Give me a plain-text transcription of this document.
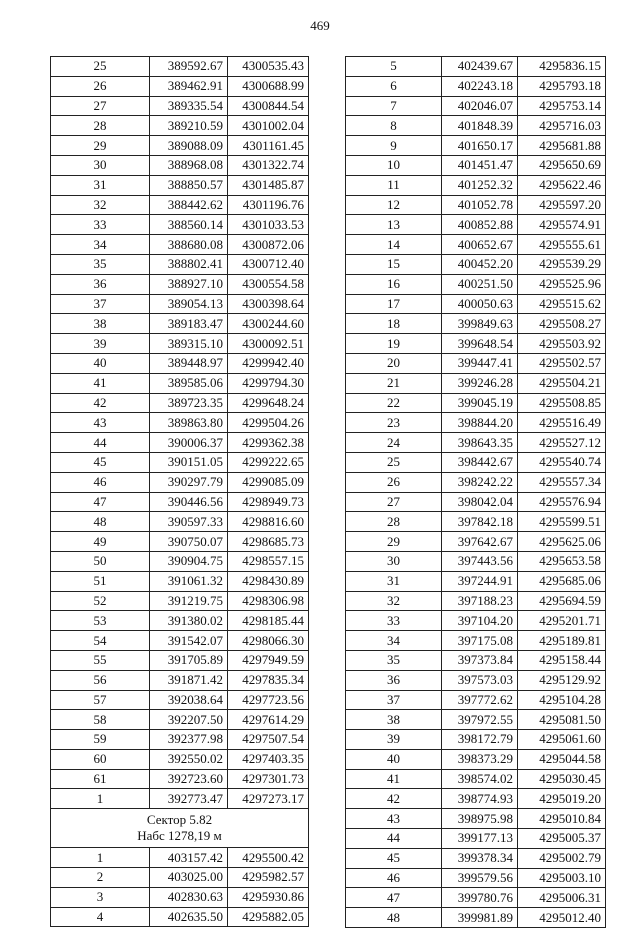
469
25	389592.67	4300535.43
26	389462.91	4300688.99
27	389335.54	4300844.54
28	389210.59	4301002.04
29	389088.09	4301161.45
30	388968.08	4301322.74
31	388850.57	4301485.87
32	388442.62	4301196.76
33	388560.14	4301033.53
34	388680.08	4300872.06
35	388802.41	4300712.40
36	388927.10	4300554.58
37	389054.13	4300398.64
38	389183.47	4300244.60
39	389315.10	4300092.51
40	389448.97	4299942.40
41	389585.06	4299794.30
42	389723.35	4299648.24
43	389863.80	4299504.26
44	390006.37	4299362.38
45	390151.05	4299222.65
46	390297.79	4299085.09
47	390446.56	4298949.73
48	390597.33	4298816.60
49	390750.07	4298685.73
50	390904.75	4298557.15
51	391061.32	4298430.89
52	391219.75	4298306.98
53	391380.02	4298185.44
54	391542.07	4298066.30
55	391705.89	4297949.59
56	391871.42	4297835.34
57	392038.64	4297723.56
58	392207.50	4297614.29
59	392377.98	4297507.54
60	392550.02	4297403.35
61	392723.60	4297301.73
1	392773.47	4297273.17

Сектор 5.82
Набс 1278,19 м		

1	403157.42	4295500.42
2	403025.00	4295982.57
3	402830.63	4295930.86
4	402635.50	4295882.05
5	402439.67	4295836.15
6	402243.18	4295793.18
7	402046.07	4295753.14
8	401848.39	4295716.03
9	401650.17	4295681.88
10	401451.47	4295650.69
11	401252.32	4295622.46
12	401052.78	4295597.20
13	400852.88	4295574.91
14	400652.67	4295555.61
15	400452.20	4295539.29
16	400251.50	4295525.96
17	400050.63	4295515.62
18	399849.63	4295508.27
19	399648.54	4295503.92
20	399447.41	4295502.57
21	399246.28	4295504.21
22	399045.19	4295508.85
23	398844.20	4295516.49
24	398643.35	4295527.12
25	398442.67	4295540.74
26	398242.22	4295557.34
27	398042.04	4295576.94
28	397842.18	4295599.51
29	397642.67	4295625.06
30	397443.56	4295653.58
31	397244.91	4295685.06
32	397188.23	4295694.59
33	397104.20	4295201.71
34	397175.08	4295189.81
35	397373.84	4295158.44
36	397573.03	4295129.92
37	397772.62	4295104.28
38	397972.55	4295081.50
39	398172.79	4295061.60
40	398373.29	4295044.58
41	398574.02	4295030.45
42	398774.93	4295019.20
43	398975.98	4295010.84
44	399177.13	4295005.37
45	399378.34	4295002.79
46	399579.56	4295003.10
47	399780.76	4295006.31
48	399981.89	4295012.40
